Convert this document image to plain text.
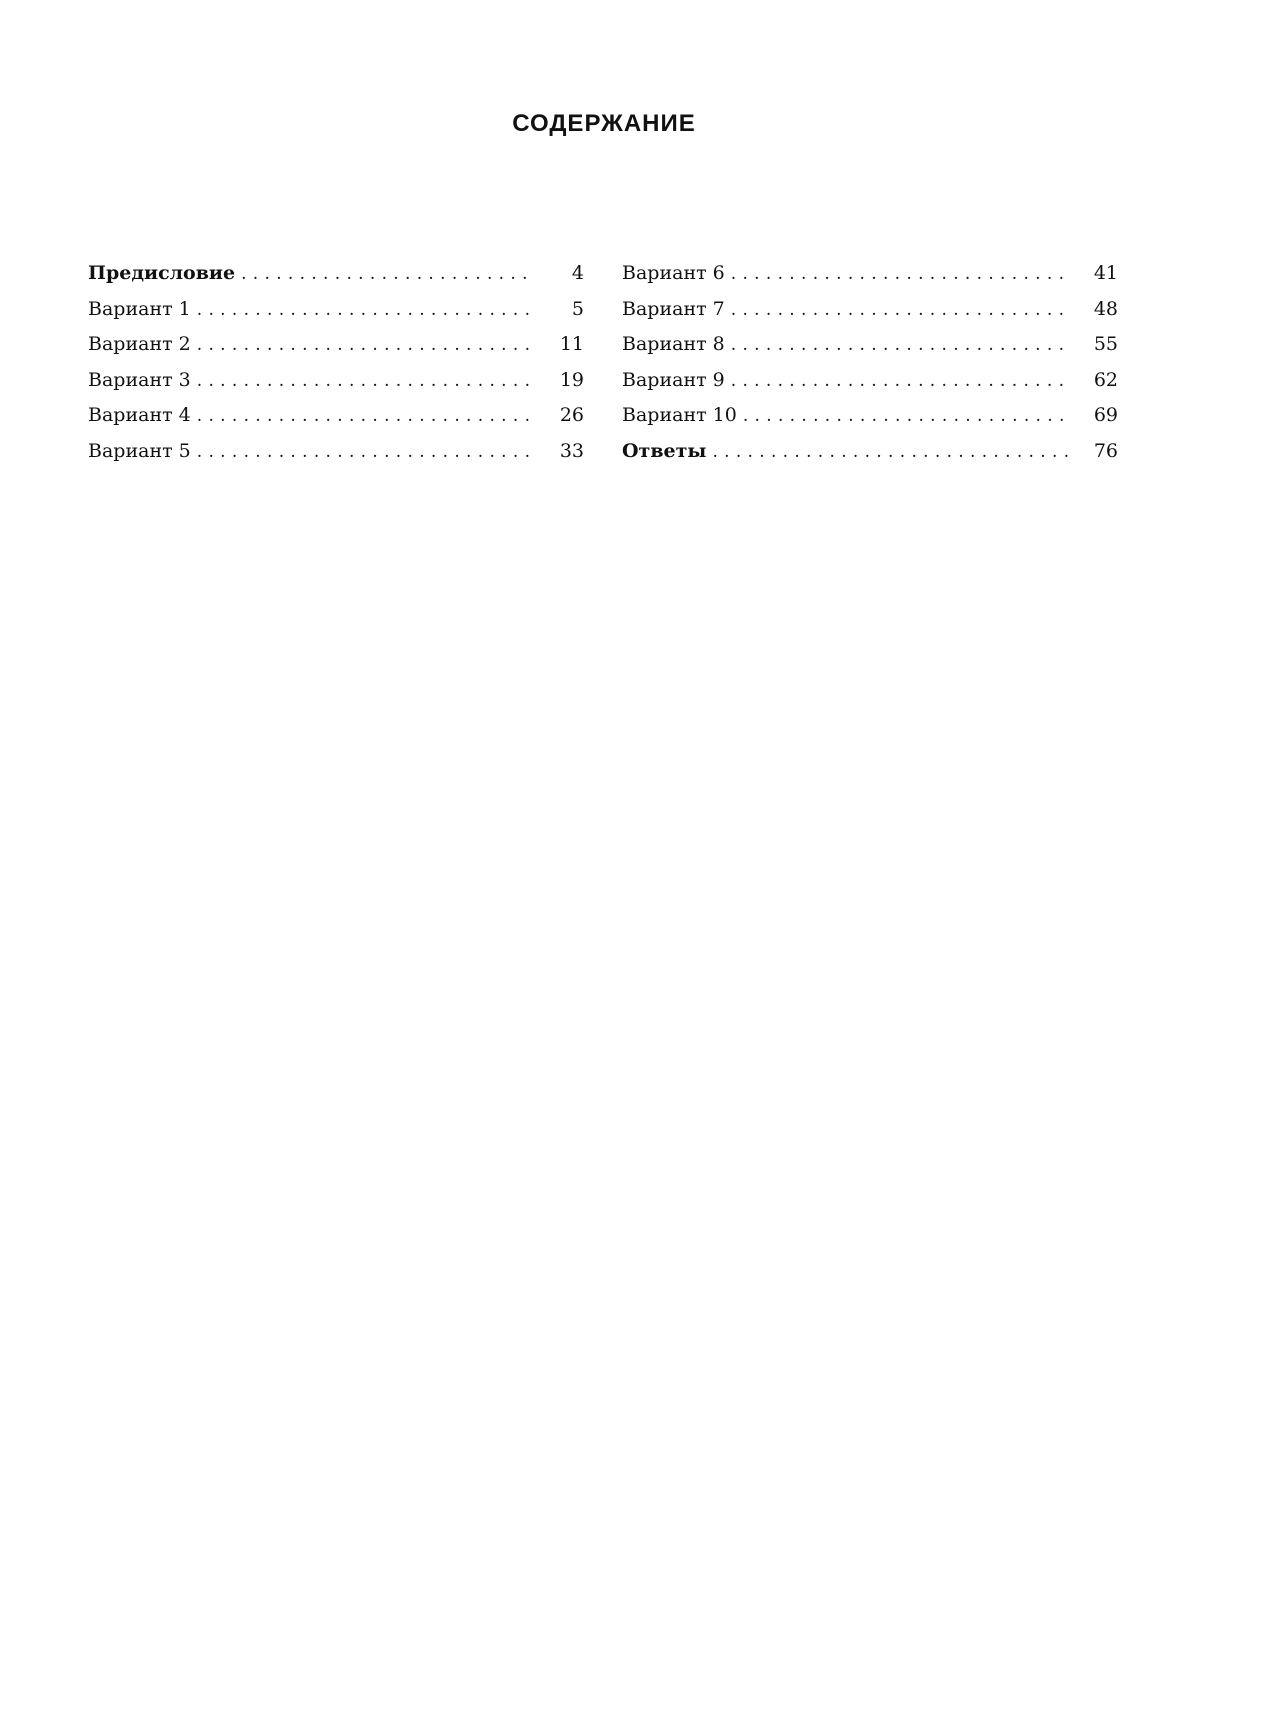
СОДЕРЖАНИЕ
Предисловие . . .	4
Вариант 1 . . .	5
Вариант 2 . . .	11
Вариант 3 . . .	19
Вариант 4 . . .	26
Вариант 5 . . .	33
Вариант 6 . . .	41
Вариант 7 . . .	48
Вариант 8 . . .	55
Вариант 9 . . .	62
Вариант 10 . . .	69
Ответы . . .	76
